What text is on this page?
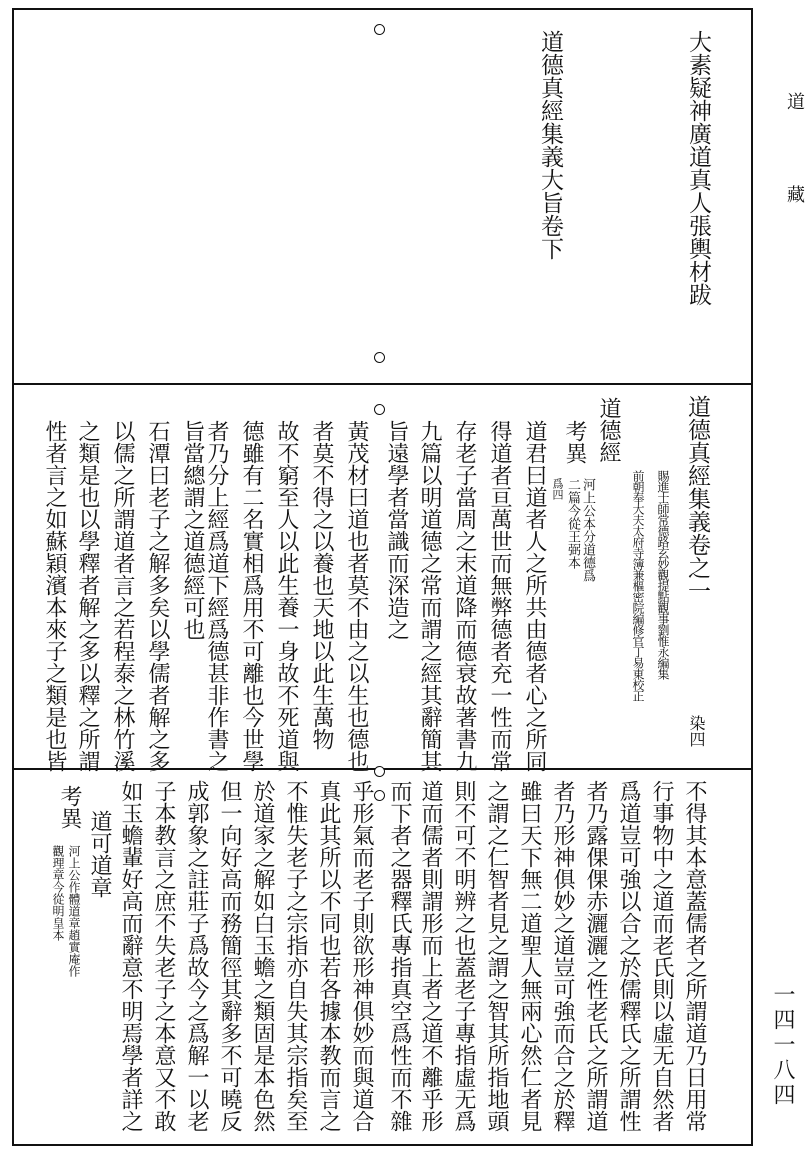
道
藏
一四一八四
大素疑神廣道真人張輿材跋
道德真經集義大旨卷下
道德真經集義卷之一
染四
賜進士師常德路玄妙觀提點觀事劉惟永編集
前朝奉大夫太府寺簿兼樞密院編修官丁易東校正
道德經
考異
河上公本分道德爲
二篇今從王弼本
爲四
道君曰道者人之所共由德者心之所同
得道者亘萬世而無弊德者充一性而常
存老子當周之末道降而德衰故著書九
九篇以明道德之常而謂之經其辭簡其
旨遠學者當識而深造之
黃茂材曰道也者莫不由之以生也德也
者莫不得之以養也天地以此生萬物
故不窮至人以此生養一身故不死道與
德雖有二名實相爲用不可離也今世學
者乃分上經爲道下經爲德甚非作書之
旨當總謂之道德經可也
石潭曰老子之解多矣以學儒者解之多
以儒之所謂道者言之若程泰之林竹溪
之類是也以學釋者解之多以釋之所謂
性者言之如蘇穎濱本來子之類是也皆
不得其本意蓋儒者之所謂道乃日用常
行事物中之道而老氏則以虛无自然者
爲道豈可強以合之於儒釋氏之所謂性
者乃露倮倮赤灑灑之性老氏之所謂道
者乃形神俱妙之道豈可強而合之於釋
雖曰天下無二道聖人無兩心然仁者見
之謂之仁智者見之謂之智其所指地頭
則不可不明辨之也蓋老子專指虛无爲
道而儒者則謂形而上者之道不離乎形
而下者之器釋氏專指真空爲性而不雜
乎形氣而老子則欲形神俱妙而與道合
真此其所以不同也若各據本教而言之
不惟失老子之宗指亦自失其宗指矣至
於道家之解如白玉蟾之類固是本色然
但一向好高而務簡徑其辭多不可曉反
成郭象之註莊子爲故今之爲解一以老
子本教言之庶不失老子之本意又不敢
如玉蟾輩好高而辭意不明焉學者詳之
道可道章
考異
河上公作體道章趙實庵作
觀理章今從明皇本
